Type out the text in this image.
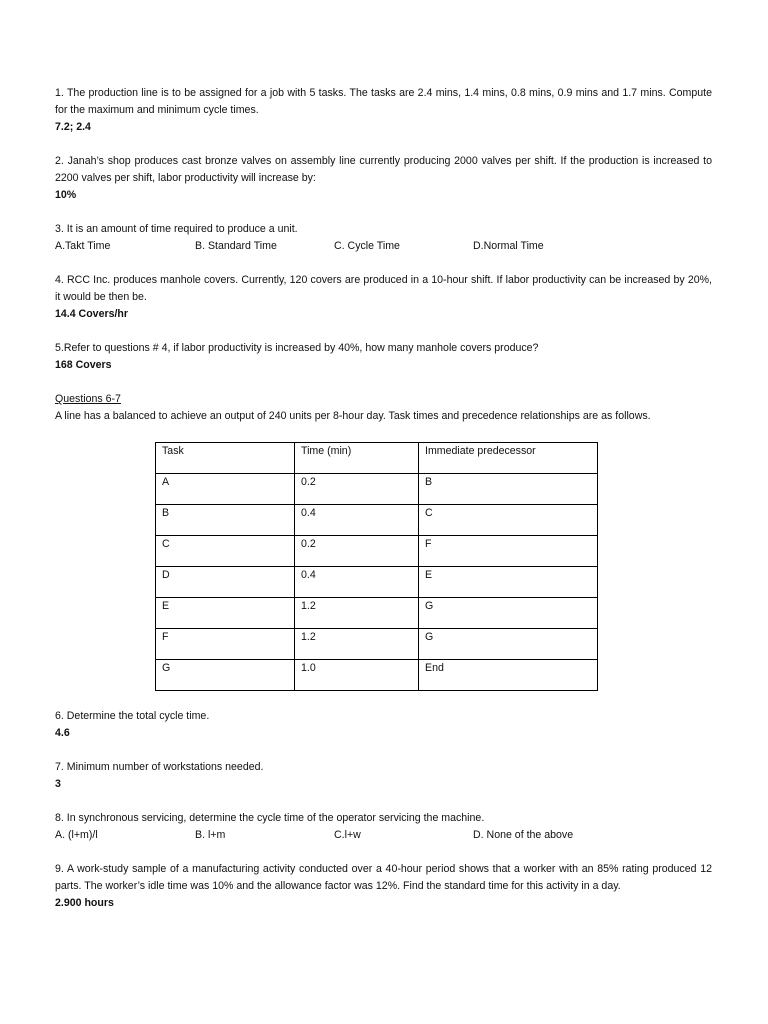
1. The production line is to be assigned for a job with 5 tasks. The tasks are 2.4 mins, 1.4 mins, 0.8 mins, 0.9 mins and 1.7 mins. Compute for the maximum and minimum cycle times.

7.2; 2.4

2. Janah’s shop produces cast bronze valves on assembly line currently producing 2000 valves per shift. If the production is increased to 2200 valves per shift, labor productivity will increase by:

10%

3. It is an amount of time required to produce a unit.

A.Takt Time	B. Standard Time	C. Cycle Time	D.Normal Time

4. RCC Inc. produces manhole covers. Currently, 120 covers are produced in a 10-hour shift. If labor productivity can be increased by 20%, it would be then be.

14.4 Covers/hr

5.Refer to questions # 4, if labor productivity is increased by 40%, how many manhole covers produce?

168 Covers

Questions 6-7

A line has a balanced to achieve an output of 240 units per 8-hour day. Task times and precedence relationships are as follows.

Task	Time (min)	Immediate predecessor
A	0.2	B
B	0.4	C
C	0.2	F
D	0.4	E
E	1.2	G
F	1.2	G
G	1.0	End

6. Determine the total cycle time.

4.6

7. Minimum number of workstations needed.

3

8. In synchronous servicing, determine the cycle time of the operator servicing the machine.

A. (l+m)/l	B. l+m	C.l+w	D. None of the above

9. A work-study sample of a manufacturing activity conducted over a 40-hour period shows that a worker with an 85% rating produced 12 parts. The worker’s idle time was 10% and the allowance factor was 12%. Find the standard time for this activity in a day.

2.900 hours
